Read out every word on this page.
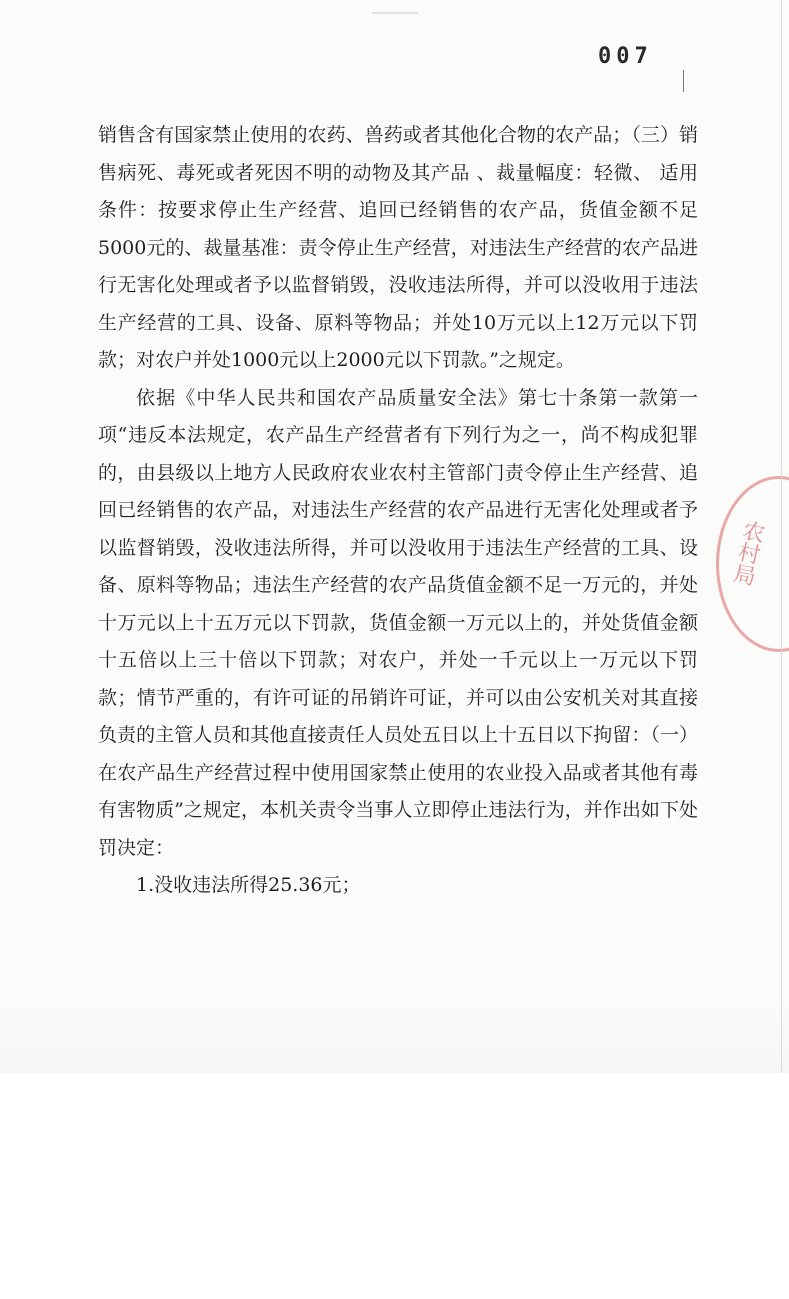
007

销售含有国家禁止使用的农药、兽药或者其他化合物的农产品；（三）销售病死、毒死或者死因不明的动物及其产品 、裁量幅度：轻微、 适用条件：按要求停止生产经营、追回已经销售的农产品，货值金额不足5000元的、裁量基准：责令停止生产经营，对违法生产经营的农产品进行无害化处理或者予以监督销毁，没收违法所得，并可以没收用于违法生产经营的工具、设备、原料等物品；并处10万元以上12万元以下罚款；对农户并处1000元以上2000元以下罚款。”之规定。

依据《中华人民共和国农产品质量安全法》第七十条第一款第一项“违反本法规定，农产品生产经营者有下列行为之一，尚不构成犯罪的，由县级以上地方人民政府农业农村主管部门责令停止生产经营、追回已经销售的农产品，对违法生产经营的农产品进行无害化处理或者予以监督销毁，没收违法所得，并可以没收用于违法生产经营的工具、设备、原料等物品；违法生产经营的农产品货值金额不足一万元的，并处十万元以上十五万元以下罚款，货值金额一万元以上的，并处货值金额十五倍以上三十倍以下罚款；对农户，并处一千元以上一万元以下罚款；情节严重的，有许可证的吊销许可证，并可以由公安机关对其直接负责的主管人员和其他直接责任人员处五日以上十五日以下拘留：（一）在农产品生产经营过程中使用国家禁止使用的农业投入品或者其他有毒有害物质”之规定，本机关责令当事人立即停止违法行为，并作出如下处罚决定：

1.没收违法所得25.36元；

农村局
